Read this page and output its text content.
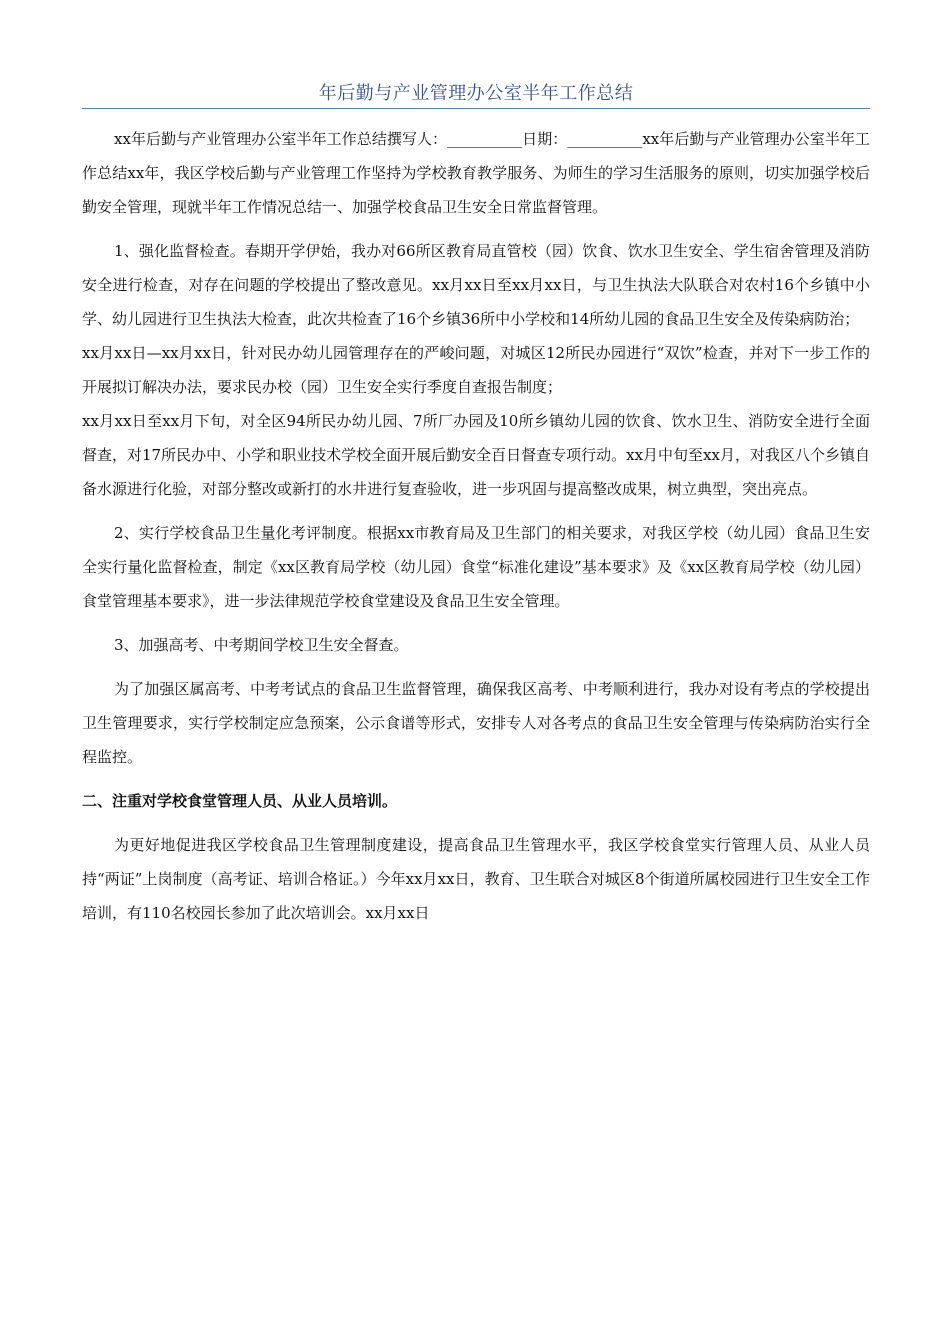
年后勤与产业管理办公室半年工作总结

xx年后勤与产业管理办公室半年工作总结撰写人：__________日期：__________xx年后勤与产业管理办公室半年工作总结xx年，我区学校后勤与产业管理工作坚持为学校教育教学服务、为师生的学习生活服务的原则，切实加强学校后勤安全管理，现就半年工作情况总结一、加强学校食品卫生安全日常监督管理。

1、强化监督检查。春期开学伊始，我办对66所区教育局直管校（园）饮食、饮水卫生安全、学生宿舍管理及消防安全进行检查，对存在问题的学校提出了整改意见。xx月xx日至xx月xx日，与卫生执法大队联合对农村16个乡镇中小学、幼儿园进行卫生执法大检查，此次共检查了16个乡镇36所中小学校和14所幼儿园的食品卫生安全及传染病防治；

xx月xx日—xx月xx日，针对民办幼儿园管理存在的严峻问题，对城区12所民办园进行“双饮”检查，并对下一步工作的开展拟订解决办法，要求民办校（园）卫生安全实行季度自查报告制度；

xx月xx日至xx月下旬，对全区94所民办幼儿园、7所厂办园及10所乡镇幼儿园的饮食、饮水卫生、消防安全进行全面督查，对17所民办中、小学和职业技术学校全面开展后勤安全百日督查专项行动。xx月中旬至xx月，对我区八个乡镇自备水源进行化验，对部分整改或新打的水井进行复查验收，进一步巩固与提高整改成果，树立典型，突出亮点。

2、实行学校食品卫生量化考评制度。根据xx市教育局及卫生部门的相关要求，对我区学校（幼儿园）食品卫生安全实行量化监督检查，制定《xx区教育局学校（幼儿园）食堂“标准化建设”基本要求》及《xx区教育局学校（幼儿园）食堂管理基本要求》，进一步法律规范学校食堂建设及食品卫生安全管理。

3、加强高考、中考期间学校卫生安全督查。

为了加强区属高考、中考考试点的食品卫生监督管理，确保我区高考、中考顺利进行，我办对设有考点的学校提出卫生管理要求，实行学校制定应急预案，公示食谱等形式，安排专人对各考点的食品卫生安全管理与传染病防治实行全程监控。

二、注重对学校食堂管理人员、从业人员培训。

为更好地促进我区学校食品卫生管理制度建设，提高食品卫生管理水平，我区学校食堂实行管理人员、从业人员持“两证”上岗制度（高考证、培训合格证。）今年xx月xx日，教育、卫生联合对城区8个街道所属校园进行卫生安全工作培训，有110名校园长参加了此次培训会。xx月xx日
